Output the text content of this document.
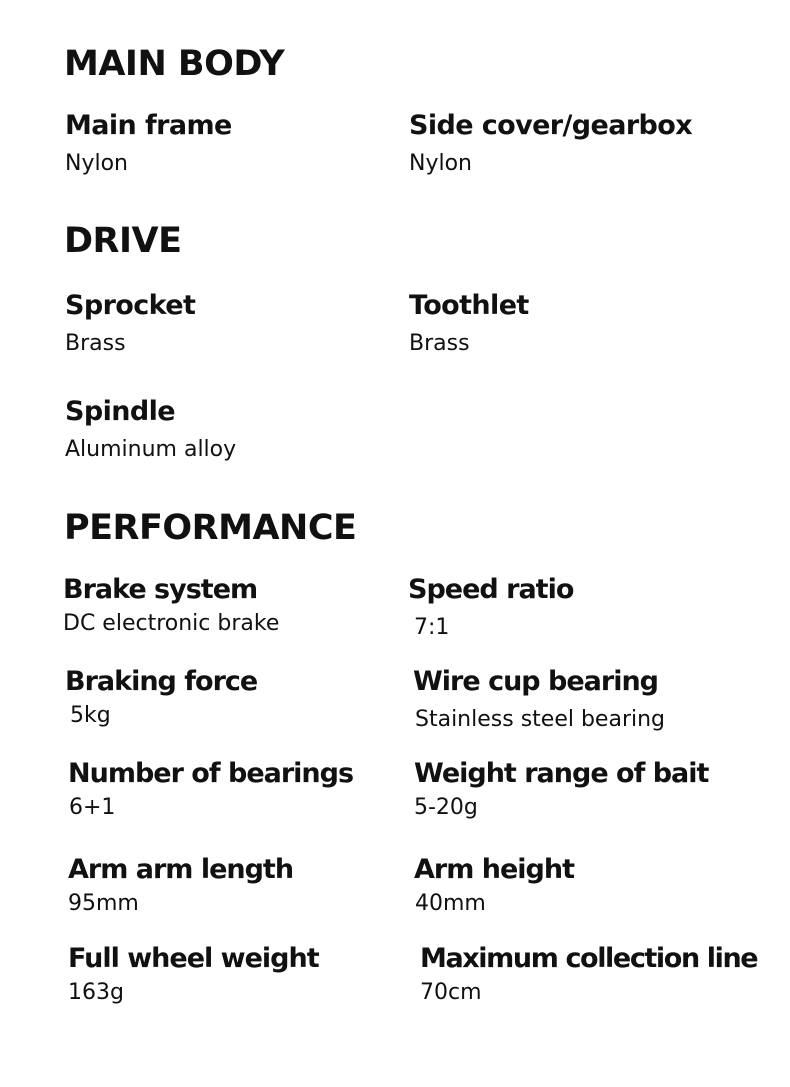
MAIN BODY
Main frame
Nylon
Side cover/gearbox
Nylon
DRIVE
Sprocket
Brass
Toothlet
Brass
Spindle
Aluminum alloy
PERFORMANCE
Brake system
DC electronic brake
Speed ratio
7:1
Braking force
5kg
Wire cup bearing
Stainless steel bearing
Number of bearings
6+1
Weight range of bait
5-20g
Arm arm length
95mm
Arm height
40mm
Full wheel weight
163g
Maximum collection line
70cm
